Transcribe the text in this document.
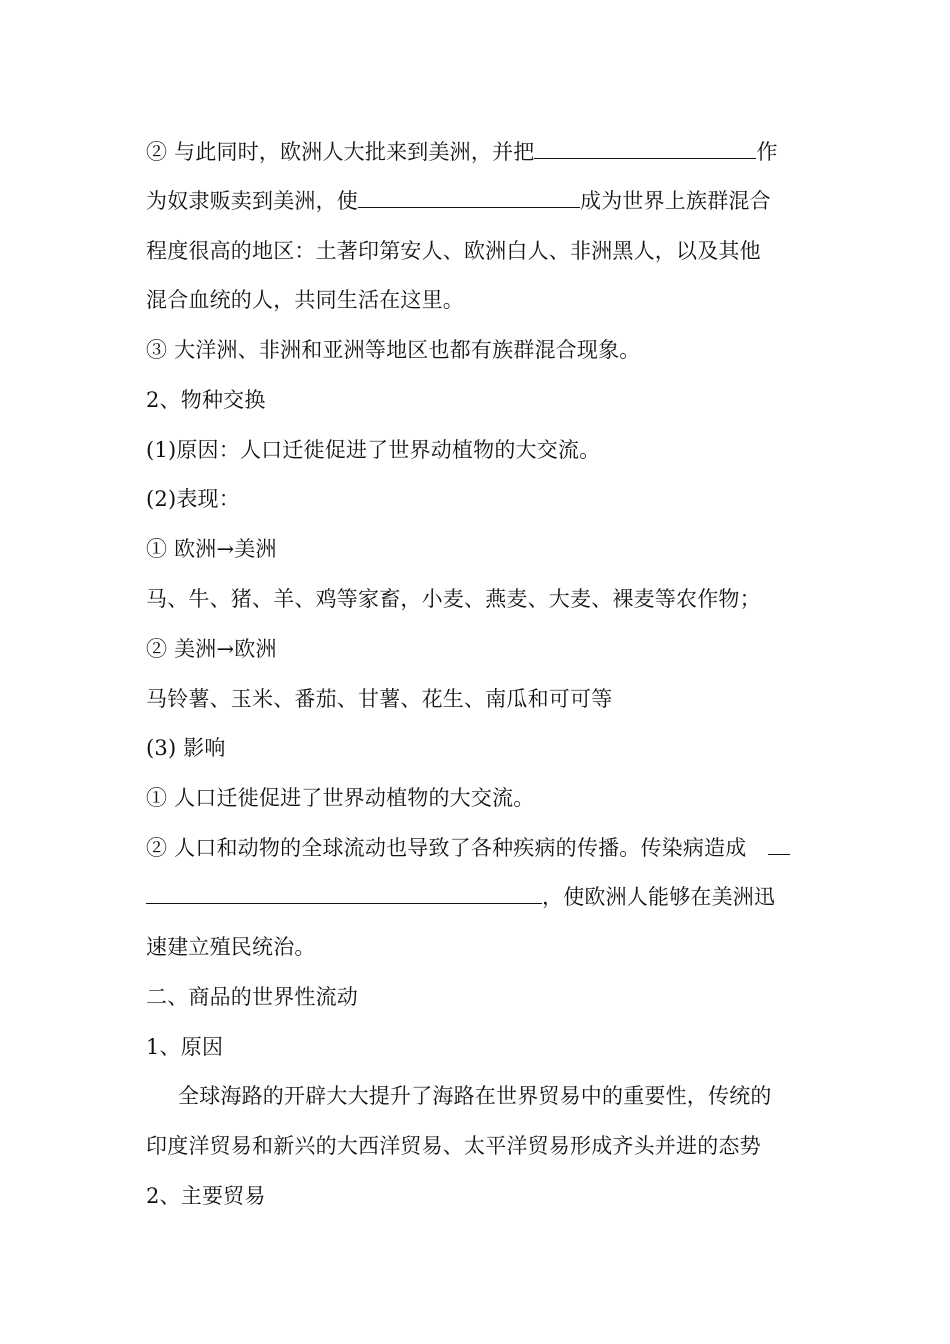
② 与此同时，欧洲人大批来到美洲，并把	作
为奴隶贩卖到美洲，使	成为世界上族群混合
程度很高的地区：土著印第安人、欧洲白人、非洲黑人，以及其他
混合血统的人，共同生活在这里。
③ 大洋洲、非洲和亚洲等地区也都有族群混合现象。
2、物种交换
(1)原因：人口迁徙促进了世界动植物的大交流。
(2)表现：
① 欧洲→美洲
马、牛、猪、羊、鸡等家畜，小麦、燕麦、大麦、裸麦等农作物；
② 美洲→欧洲
马铃薯、玉米、番茄、甘薯、花生、南瓜和可可等
(3) 影响
① 人口迁徙促进了世界动植物的大交流。
② 人口和动物的全球流动也导致了各种疾病的传播。传染病造成
，使欧洲人能够在美洲迅
速建立殖民统治。
二、商品的世界性流动
1、原因
全球海路的开辟大大提升了海路在世界贸易中的重要性，传统的
印度洋贸易和新兴的大西洋贸易、太平洋贸易形成齐头并进的态势
2、主要贸易
